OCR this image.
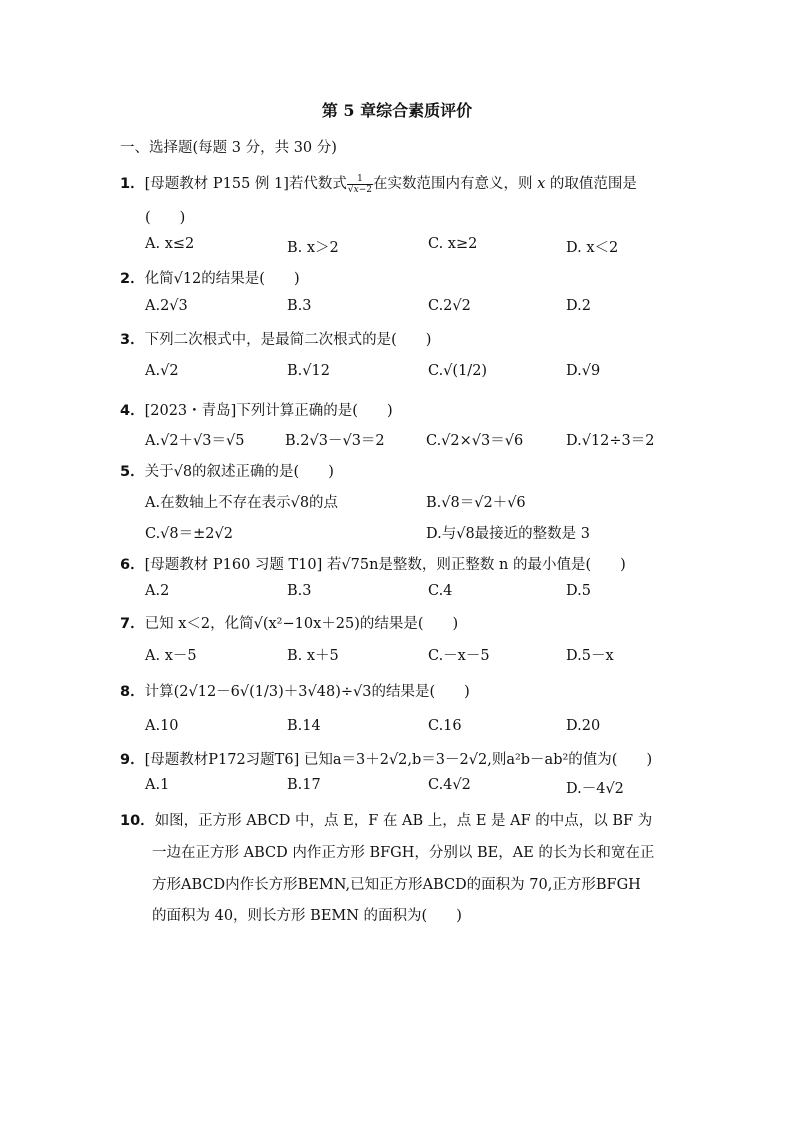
第 5 章综合素质评价
一、选择题(每题 3 分，共 30 分)
1．[母题教材 P155 例 1]若代数式 $\frac{1}{√x-2}$ 在实数范围内有意义，则 x 的取值范围是
(　　)
A. x≤2	B. x＞2	C. x≥2	D. x＜2
2．化简√12的结果是(　　)
A.2√3	B.3	C.2√2	D.2
3．下列二次根式中，是最简二次根式的是(　　)
A.√2	B.√12	C.√(1/2)	D.√9
4．[2023・青岛]下列计算正确的是(　　)
A.√2＋√3＝√5	B.2√3－√3＝2	C.√2×√3＝√6	D.√12÷3＝2
5．关于√8的叙述正确的是(　　)
A.在数轴上不存在表示√8的点	B.√8＝√2＋√6
C.√8＝±2√2	D.与√8最接近的整数是 3
6．[母题教材 P160 习题 T10] 若√75n是整数，则正整数 n 的最小值是(　　)
A.2	B.3	C.4	D.5
7．已知 x＜2，化简√(x²−10x＋25)的结果是(　　)
A. x－5	B. x＋5	C.－x－5	D.5－x
8．计算(2√12－6√(1/3)＋3√48)÷√3的结果是(　　)
A.10	B.14	C.16	D.20
9．[母题教材P172习题T6] 已知a＝3＋2√2,b＝3－2√2,则a²b－ab²的值为(　　)
A.1	B.17	C.4√2	D.－4√2
10．如图，正方形 ABCD 中，点 E，F 在 AB 上，点 E 是 AF 的中点，以 BF 为
一边在正方形 ABCD 内作正方形 BFGH，分别以 BE，AE 的长为长和宽在正
方形ABCD内作长方形BEMN,已知正方形ABCD的面积为 70,正方形BFGH
的面积为 40，则长方形 BEMN 的面积为(　　)
